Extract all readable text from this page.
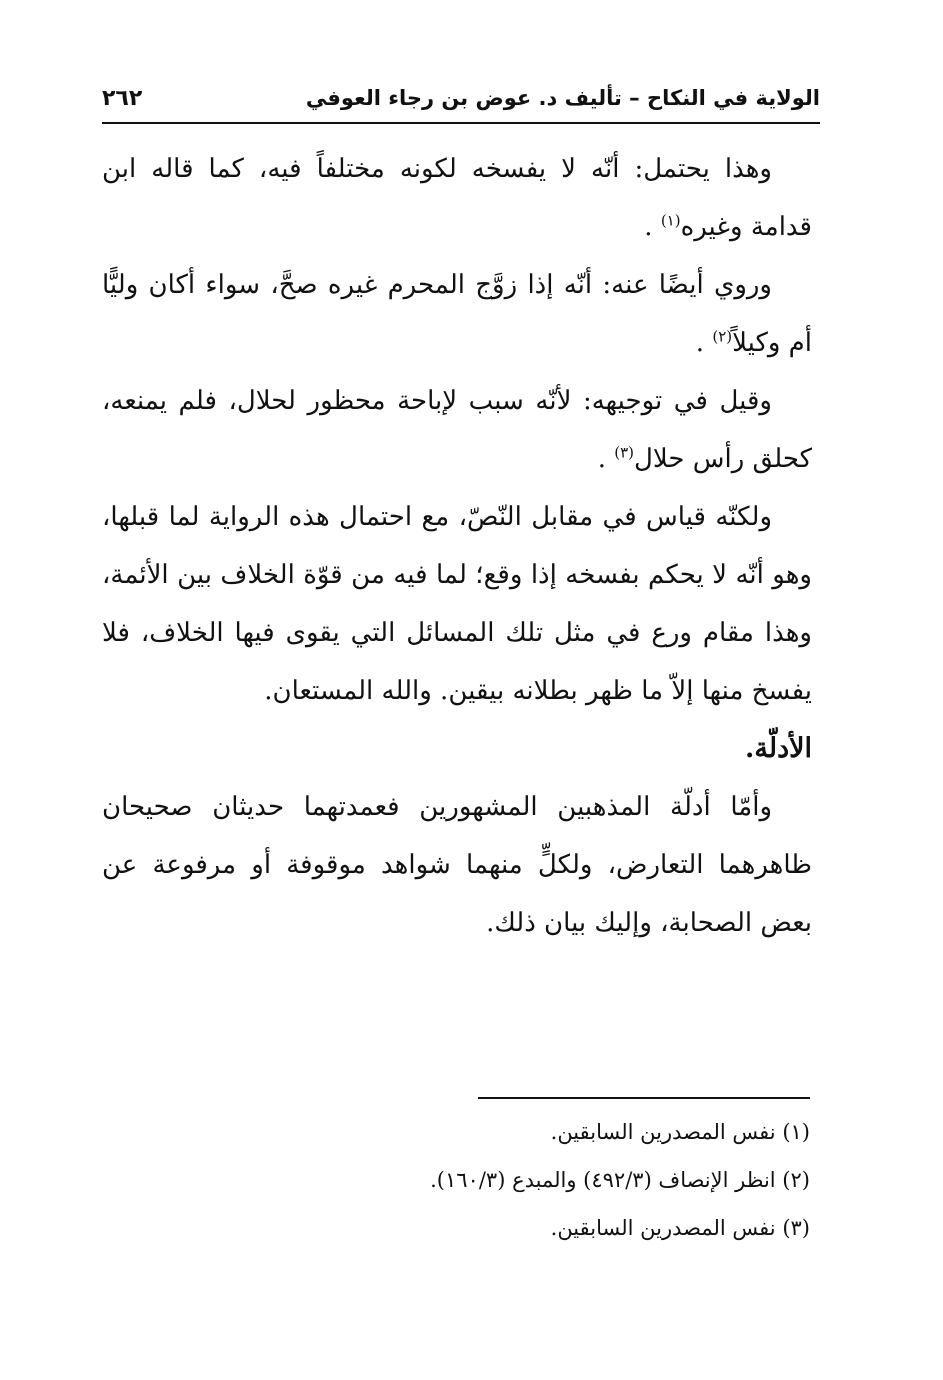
الولاية في النكاح – تأليف د. عوض بن رجاء العوفي
٢٦٢

وهذا يحتمل: أنّه لا يفسخه لكونه مختلفاً فيه، كما قاله ابن قدامة وغيره$^{(١)}$ .

وروي أيضًا عنه: أنّه إذا زوَّج المحرم غيره صحَّ، سواء أكان وليًّا أم وكيلاً$^{(٢)}$ .

وقيل في توجيهه: لأنّه سبب لإباحة محظور لحلال، فلم يمنعه، كحلق رأس حلال$^{(٣)}$ .

ولكنّه قياس في مقابل النّصّ، مع احتمال هذه الرواية لما قبلها، وهو أنّه لا يحكم بفسخه إذا وقع؛ لما فيه من قوّة الخلاف بين الأئمة، وهذا مقام ورع في مثل تلك المسائل التي يقوى فيها الخلاف، فلا يفسخ منها إلاّ ما ظهر بطلانه بيقين. والله المستعان.

الأدلّة.

وأمّا أدلّة المذهبين المشهورين فعمدتهما حديثان صحيحان ظاهرهما التعارض، ولكلٍّ منهما شواهد موقوفة أو مرفوعة عن بعض الصحابة، وإليك بيان ذلك.

(١) نفس المصدرين السابقين.

(٢) انظر الإنصاف (٤٩٢/٣) والمبدع (١٦٠/٣).

(٣) نفس المصدرين السابقين.
